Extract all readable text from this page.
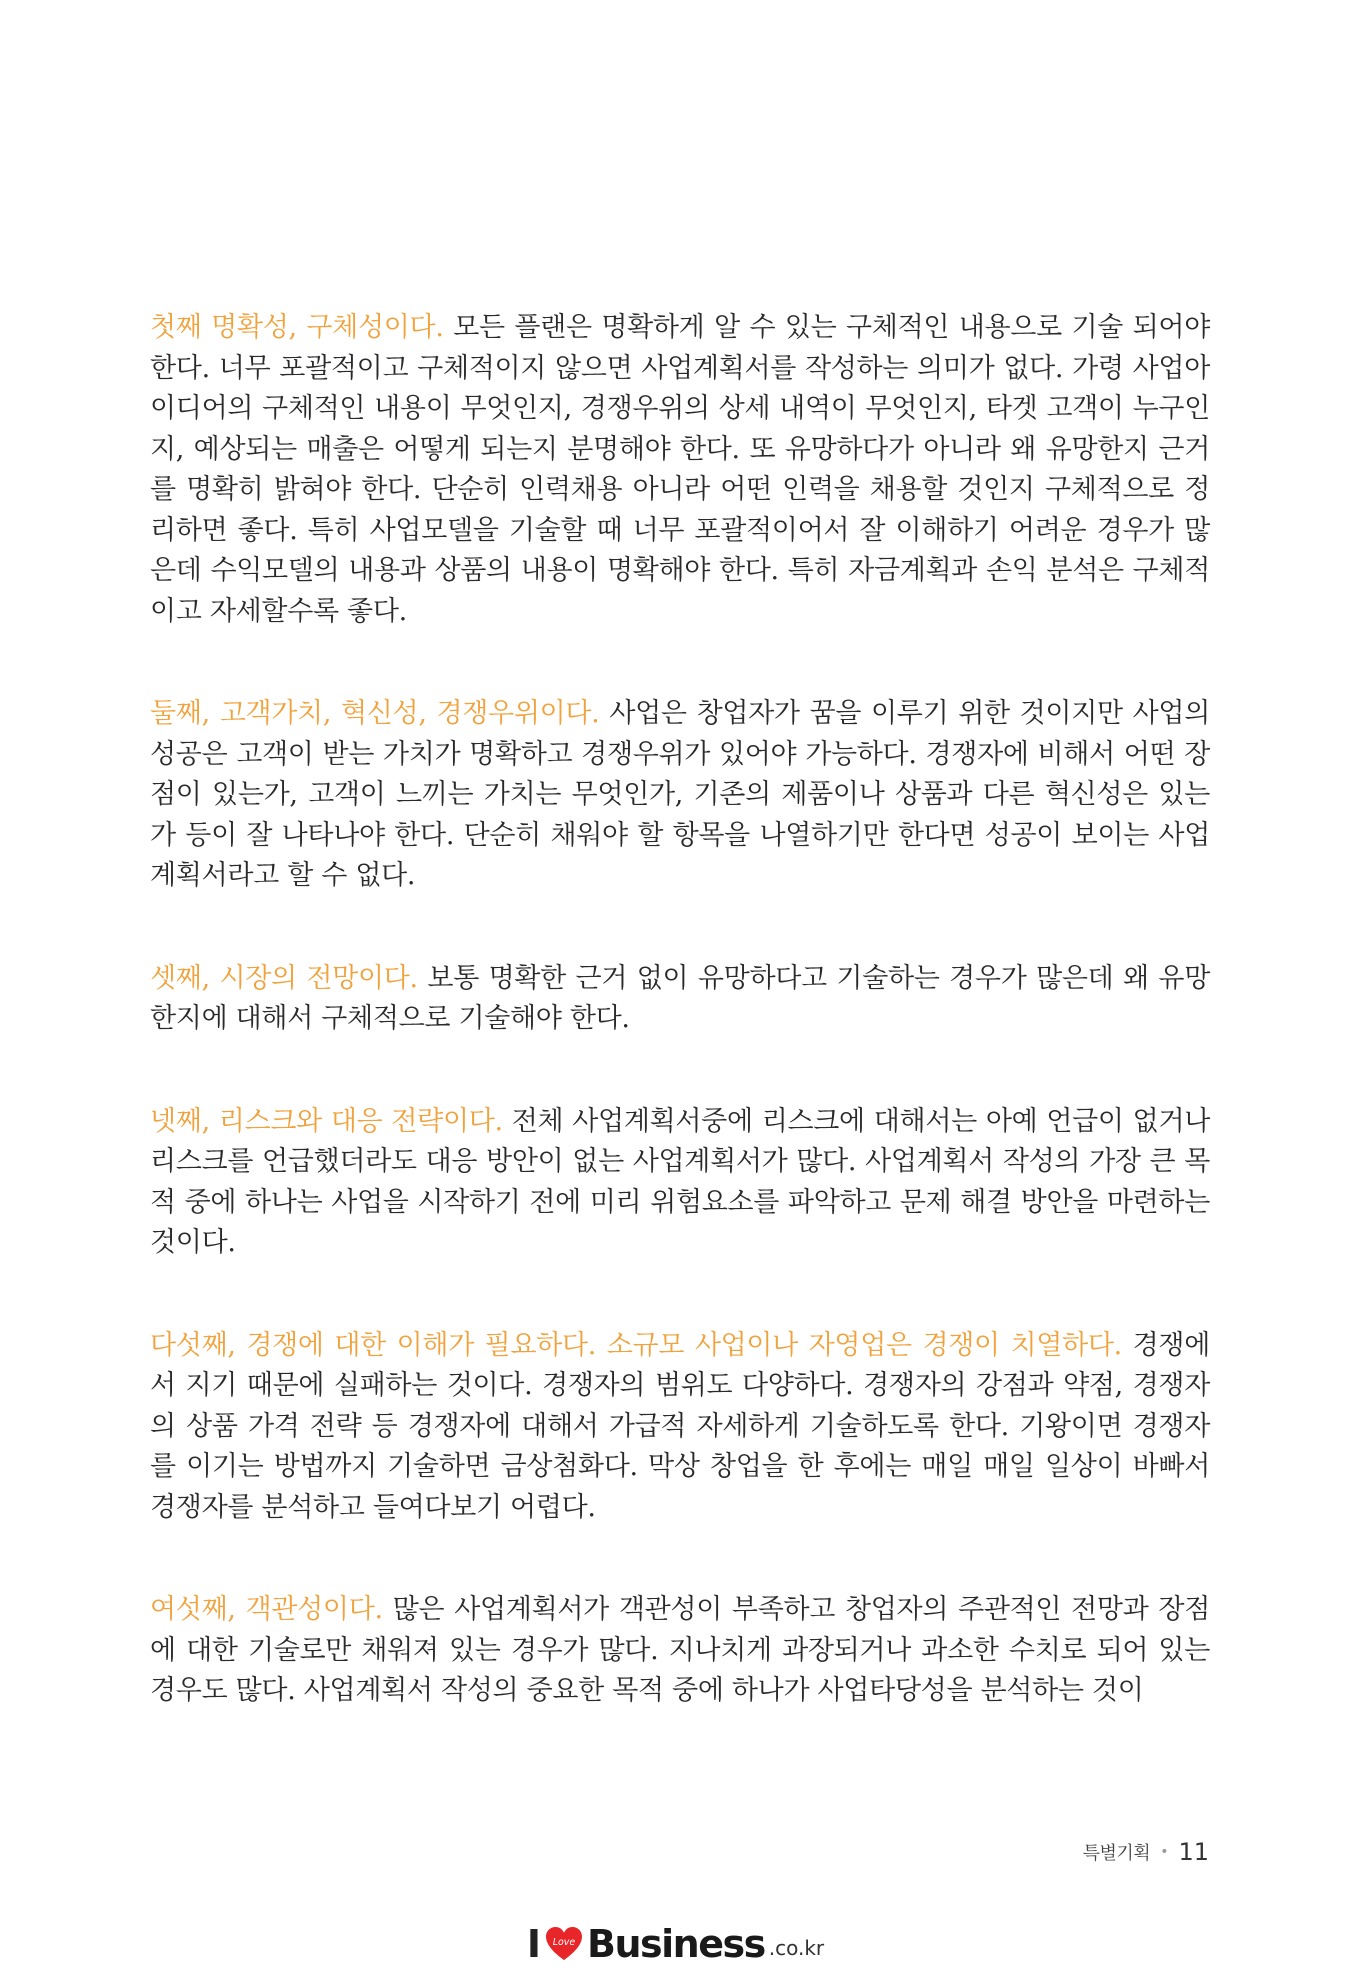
첫째 명확성, 구체성이다. 모든 플랜은 명확하게 알 수 있는 구체적인 내용으로 기술 되어야 한다. 너무 포괄적이고 구체적이지 않으면 사업계획서를 작성하는 의미가 없다. 가령 사업아이디어의 구체적인 내용이 무엇인지, 경쟁우위의 상세 내역이 무엇인지, 타겟 고객이 누구인지, 예상되는 매출은 어떻게 되는지 분명해야 한다. 또 유망하다가 아니라 왜 유망한지 근거를 명확히 밝혀야 한다. 단순히 인력채용 아니라 어떤 인력을 채용할 것인지 구체적으로 정리하면 좋다. 특히 사업모델을 기술할 때 너무 포괄적이어서 잘 이해하기 어려운 경우가 많은데 수익모델의 내용과 상품의 내용이 명확해야 한다. 특히 자금계획과 손익 분석은 구체적이고 자세할수록 좋다.

둘째, 고객가치, 혁신성, 경쟁우위이다. 사업은 창업자가 꿈을 이루기 위한 것이지만 사업의 성공은 고객이 받는 가치가 명확하고 경쟁우위가 있어야 가능하다. 경쟁자에 비해서 어떤 장점이 있는가, 고객이 느끼는 가치는 무엇인가, 기존의 제품이나 상품과 다른 혁신성은 있는가 등이 잘 나타나야 한다. 단순히 채워야 할 항목을 나열하기만 한다면 성공이 보이는 사업계획서라고 할 수 없다.

셋째, 시장의 전망이다. 보통 명확한 근거 없이 유망하다고 기술하는 경우가 많은데 왜 유망한지에 대해서 구체적으로 기술해야 한다.

넷째, 리스크와 대응 전략이다. 전체 사업계획서중에 리스크에 대해서는 아예 언급이 없거나 리스크를 언급했더라도 대응 방안이 없는 사업계획서가 많다. 사업계획서 작성의 가장 큰 목적 중에 하나는 사업을 시작하기 전에 미리 위험요소를 파악하고 문제 해결 방안을 마련하는 것이다.

다섯째, 경쟁에 대한 이해가 필요하다. 소규모 사업이나 자영업은 경쟁이 치열하다. 경쟁에서 지기 때문에 실패하는 것이다. 경쟁자의 범위도 다양하다. 경쟁자의 강점과 약점, 경쟁자의 상품 가격 전략 등 경쟁자에 대해서 가급적 자세하게 기술하도록 한다. 기왕이면 경쟁자를 이기는 방법까지 기술하면 금상첨화다. 막상 창업을 한 후에는 매일 매일 일상이 바빠서 경쟁자를 분석하고 들여다보기 어렵다.

여섯째, 객관성이다. 많은 사업계획서가 객관성이 부족하고 창업자의 주관적인 전망과 장점에 대한 기술로만 채워져 있는 경우가 많다. 지나치게 과장되거나 과소한 수치로 되어 있는 경우도 많다. 사업계획서 작성의 중요한 목적 중에 하나가 사업타당성을 분석하는 것이

특별기획 • 11
I Love Business .co.kr
